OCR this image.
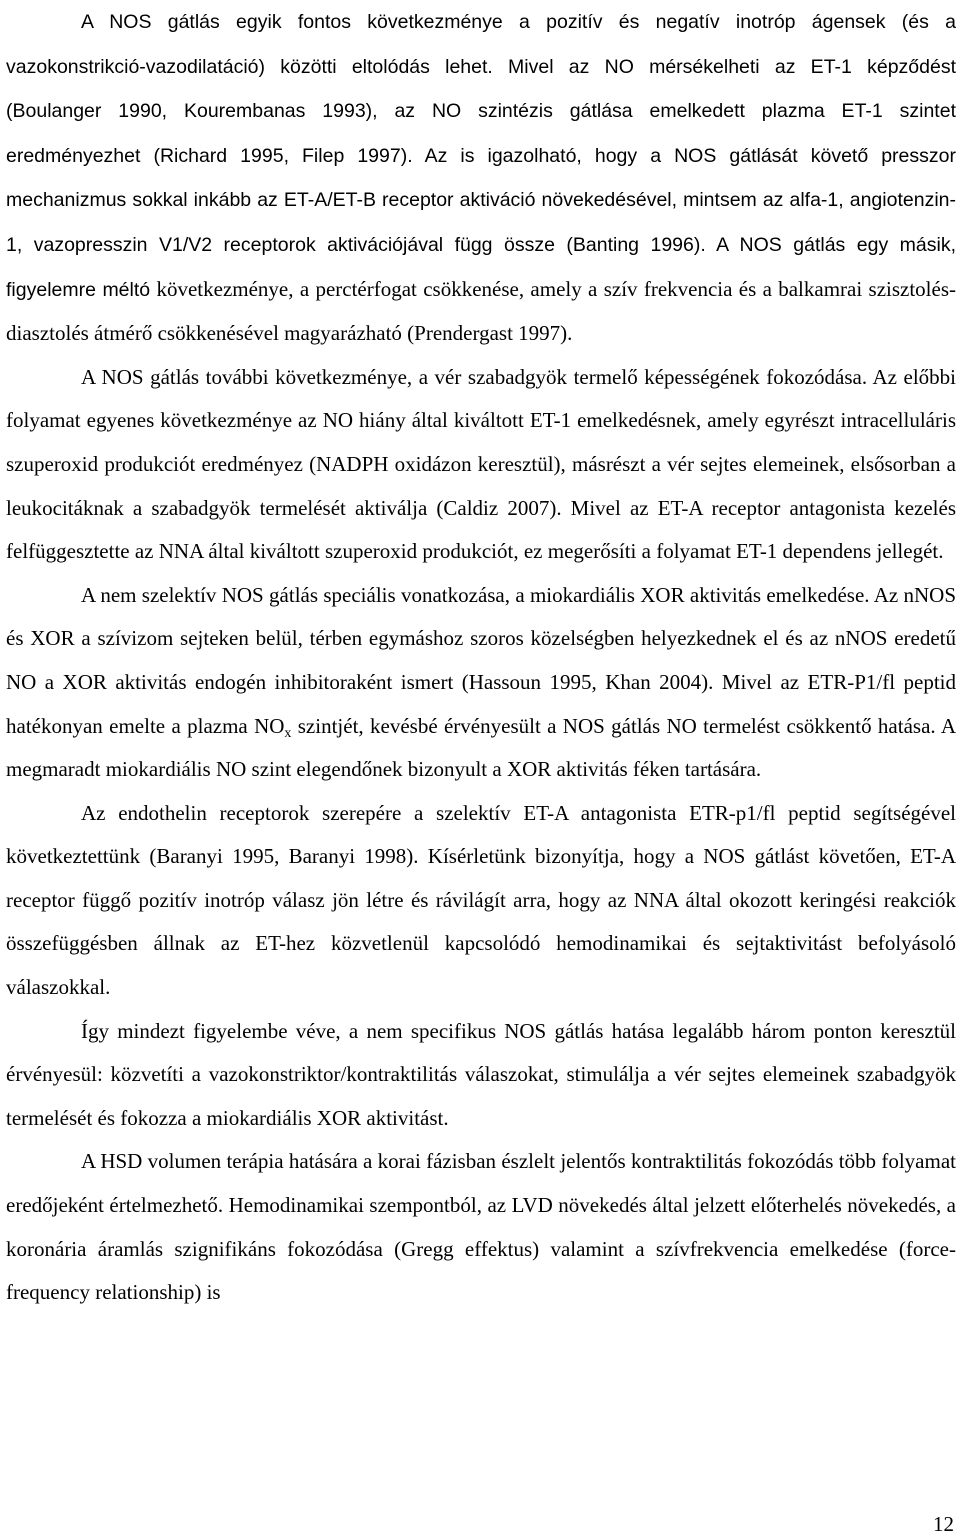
A NOS gátlás egyik fontos következménye a pozitív és negatív inotróp ágensek (és a vazokonstrikció-vazodilatáció) közötti eltolódás lehet. Mivel az NO mérsékelheti az ET-1 képződést (Boulanger 1990, Kourembanas 1993), az NO szintézis gátlása emelkedett plazma ET-1 szintet eredményezhet (Richard 1995, Filep 1997). Az is igazolható, hogy a NOS gátlását követő presszor mechanizmus sokkal inkább az ET-A/ET-B receptor aktiváció növekedésével, mintsem az alfa-1, angiotenzin-1, vazopresszin V1/V2 receptorok aktivációjával függ össze (Banting 1996). A NOS gátlás egy másik, figyelemre méltó következménye, a perctérfogat csökkenése, amely a szív frekvencia és a balkamrai szisztolés-diasztolés átmérő csökkenésével magyarázható (Prendergast 1997).

A NOS gátlás további következménye, a vér szabadgyök termelő képességének fokozódása. Az előbbi folyamat egyenes következménye az NO hiány által kiváltott ET-1 emelkedésnek, amely egyrészt intracelluláris szuperoxid produkciót eredményez (NADPH oxidázon keresztül), másrészt a vér sejtes elemeinek, elsősorban a leukocitáknak a szabadgyök termelését aktiválja (Caldiz 2007). Mivel az ET-A receptor antagonista kezelés felfüggesztette az NNA által kiváltott szuperoxid produkciót, ez megerősíti a folyamat ET-1 dependens jellegét.

A nem szelektív NOS gátlás speciális vonatkozása, a miokardiális XOR aktivitás emelkedése. Az nNOS és XOR a szívizom sejteken belül, térben egymáshoz szoros közelségben helyezkednek el és az nNOS eredetű NO a XOR aktivitás endogén inhibitoraként ismert (Hassoun 1995, Khan 2004). Mivel az ETR-P1/fl peptid hatékonyan emelte a plazma $NO_x$ szintjét, kevésbé érvényesült a NOS gátlás NO termelést csökkentő hatása. A megmaradt miokardiális NO szint elegendőnek bizonyult a XOR aktivitás féken tartására.

Az endothelin receptorok szerepére a szelektív ET-A antagonista ETR-p1/fl peptid segítségével következtettünk (Baranyi 1995, Baranyi 1998). Kísérletünk bizonyítja, hogy a NOS gátlást követően, ET-A receptor függő pozitív inotróp válasz jön létre és rávilágít arra, hogy az NNA által okozott keringési reakciók összefüggésben állnak az ET-hez közvetlenül kapcsolódó hemodinamikai és sejtaktivitást befolyásoló válaszokkal.

Így mindezt figyelembe véve, a nem specifikus NOS gátlás hatása legalább három ponton keresztül érvényesül: közvetíti a vazokonstriktor/kontraktilitás válaszokat, stimulálja a vér sejtes elemeinek szabadgyök termelését és fokozza a miokardiális XOR aktivitást.

A HSD volumen terápia hatására a korai fázisban észlelt jelentős kontraktilitás fokozódás több folyamat eredőjeként értelmezhető. Hemodinamikai szempontból, az LVD növekedés által jelzett előterhelés növekedés, a koronária áramlás szignifikáns fokozódása (Gregg effektus) valamint a szívfrekvencia emelkedése (force-frequency relationship) is

12
